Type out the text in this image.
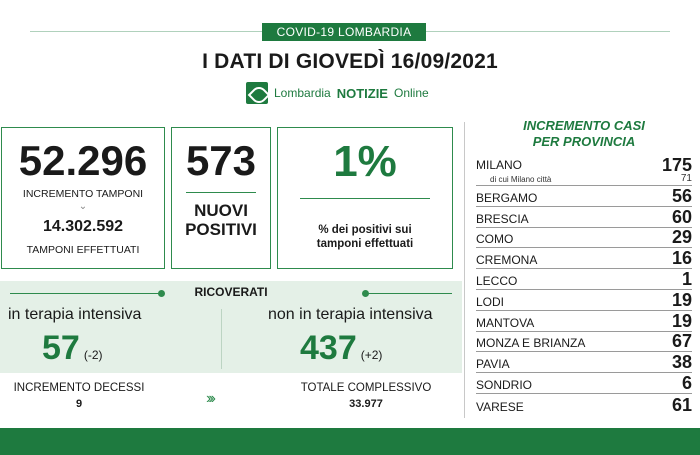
COVID-19 LOMBARDIA
I DATI DI GIOVEDÌ 16/09/2021
Lombardia NOTIZIE Online
52.296
INCREMENTO TAMPONI
⌄
14.302.592
TAMPONI EFFETTUATI
573
NUOVI
POSITIVI
1%
% dei positivi sui
tamponi effettuati
RICOVERATI
in terapia intensiva
57 (-2)
non in terapia intensiva
437 (+2)
INCREMENTO DECESSI
9	›››
TOTALE COMPLESSIVO
33.977
INCREMENTO CASI
PER PROVINCIA
MILANO	175
di cui Milano città	71
BERGAMO	56
BRESCIA	60
COMO	29
CREMONA	16
LECCO	1
LODI	19
MANTOVA	19
MONZA E BRIANZA	67
PAVIA	38
SONDRIO	6
VARESE	61
